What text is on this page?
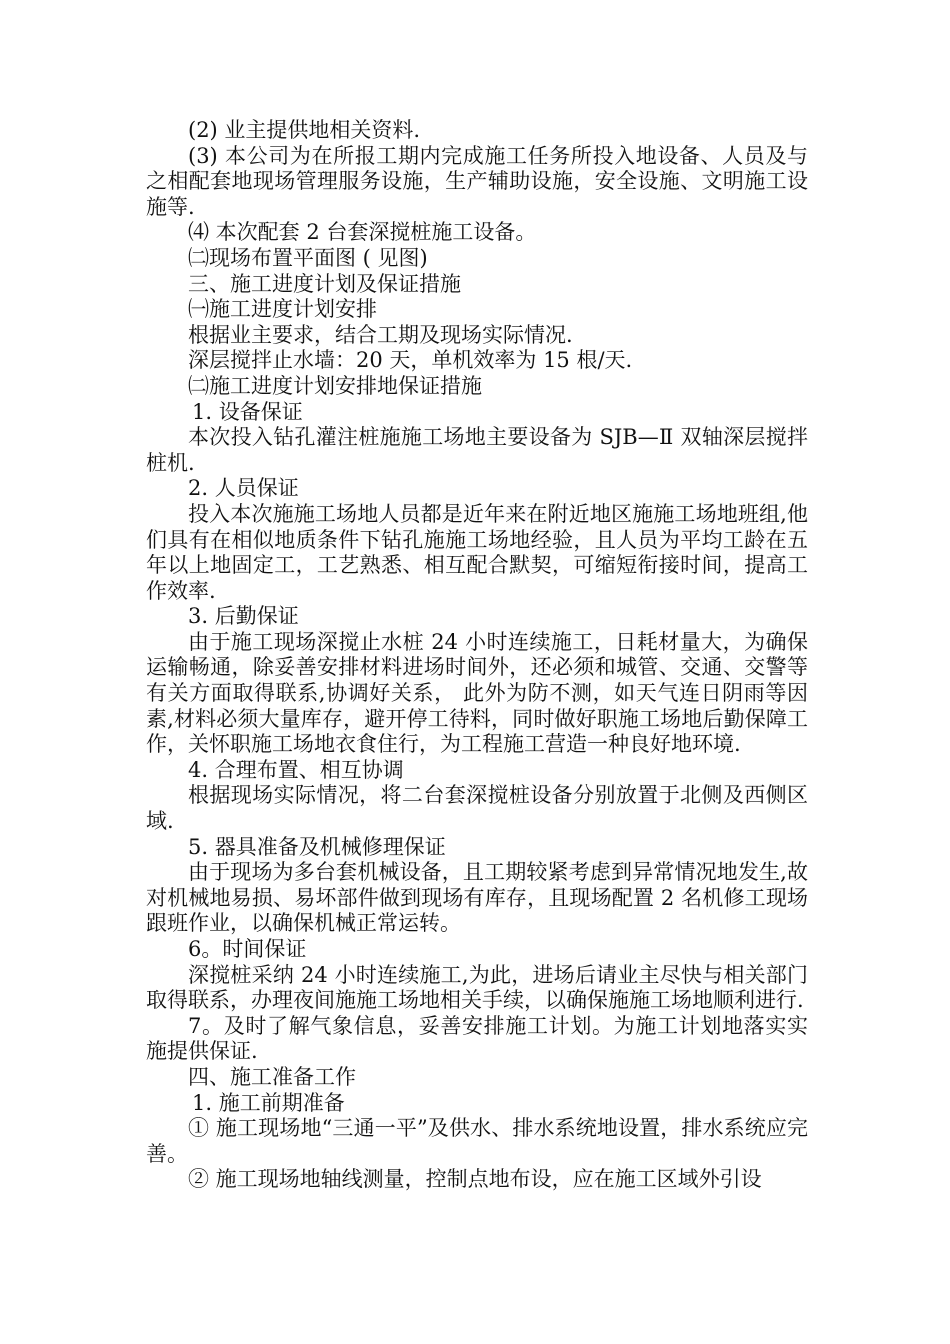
(2) 业主提供地相关资料.

(3) 本公司为在所报工期内完成施工任务所投入地设备、人员及与之相配套地现场管理服务设施，生产辅助设施，安全设施、文明施工设施等.

⑷ 本次配套 2 台套深搅桩施工设备。

㈡现场布置平面图 ( 见图)

三、施工进度计划及保证措施

㈠施工进度计划安排

根据业主要求，结合工期及现场实际情况.

深层搅拌止水墙：20 天，单机效率为 15 根/天.

㈡施工进度计划安排地保证措施

1. 设备保证

本次投入钻孔灌注桩施施工场地主要设备为 SJB—Ⅱ 双轴深层搅拌桩机.

2. 人员保证

投入本次施施工场地人员都是近年来在附近地区施施工场地班组,他们具有在相似地质条件下钻孔施施工场地经验，且人员为平均工龄在五年以上地固定工，工艺熟悉、相互配合默契，可缩短衔接时间，提高工作效率.

3. 后勤保证

由于施工现场深搅止水桩 24 小时连续施工，日耗材量大，为确保运输畅通，除妥善安排材料进场时间外，还必须和城管、交通、交警等有关方面取得联系,协调好关系， 此外为防不测，如天气连日阴雨等因素,材料必须大量库存，避开停工待料，同时做好职施工场地后勤保障工作，关怀职施工场地衣食住行，为工程施工营造一种良好地环境.

4. 合理布置、相互协调

根据现场实际情况，将二台套深搅桩设备分别放置于北侧及西侧区域.

5. 器具准备及机械修理保证

由于现场为多台套机械设备，且工期较紧考虑到异常情况地发生,故对机械地易损、易坏部件做到现场有库存，且现场配置 2 名机修工现场跟班作业，以确保机械正常运转。

6。时间保证

深搅桩采纳 24 小时连续施工,为此，进场后请业主尽快与相关部门取得联系，办理夜间施施工场地相关手续，以确保施施工场地顺利进行.

7。及时了解气象信息，妥善安排施工计划。为施工计划地落实实施提供保证.

四、施工准备工作

1. 施工前期准备

① 施工现场地“三通一平”及供水、排水系统地设置，排水系统应完善。

② 施工现场地轴线测量，控制点地布设，应在施工区域外引设
